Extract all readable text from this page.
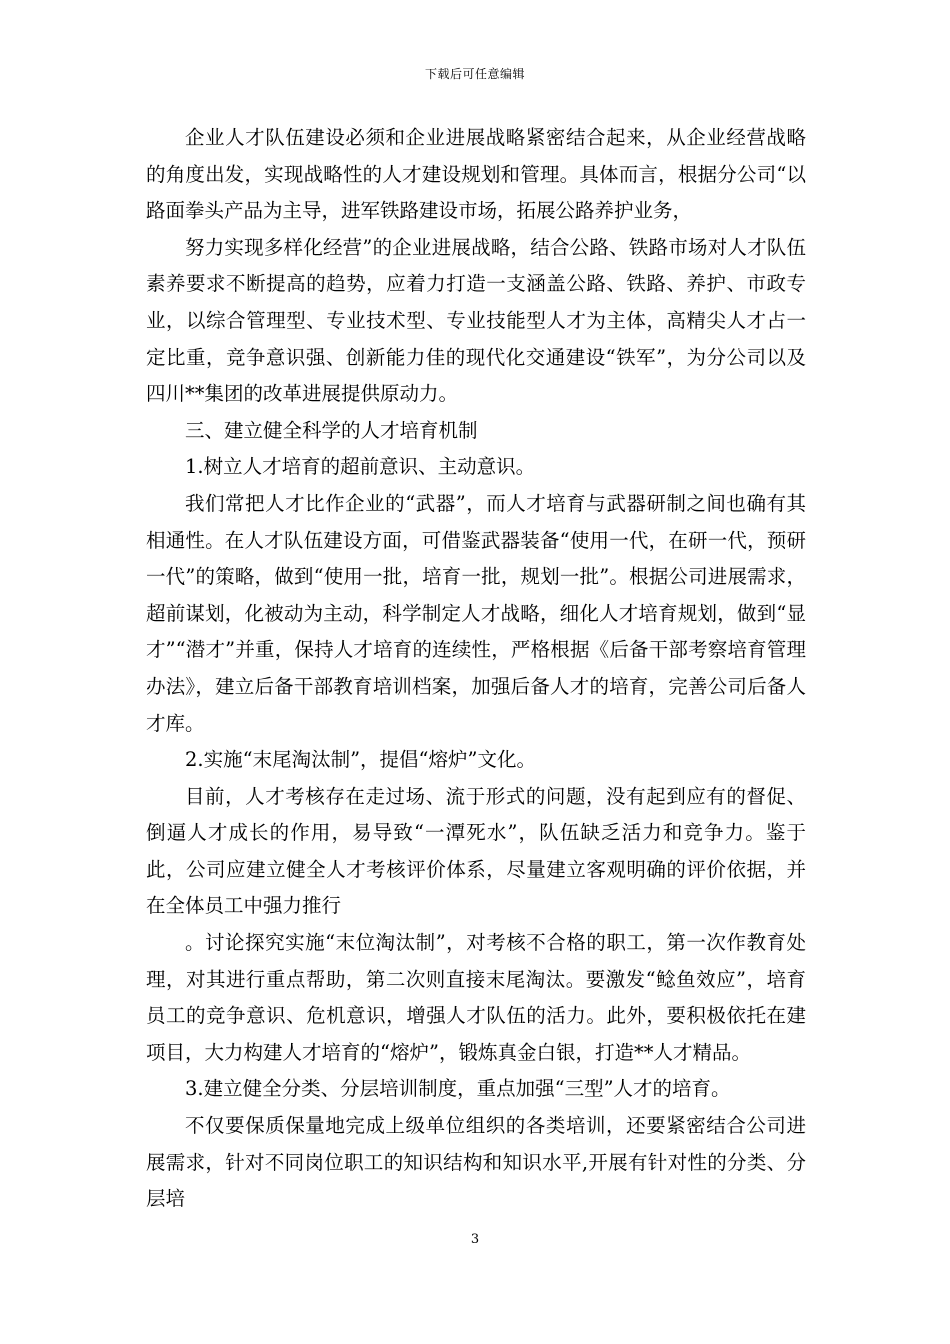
下载后可任意编辑

企业人才队伍建设必须和企业进展战略紧密结合起来，从企业经营战略的角度出发，实现战略性的人才建设规划和管理。具体而言，根据分公司“以路面拳头产品为主导，进军铁路建设市场，拓展公路养护业务，

努力实现多样化经营”的企业进展战略，结合公路、铁路市场对人才队伍素养要求不断提高的趋势，应着力打造一支涵盖公路、铁路、养护、市政专业，以综合管理型、专业技术型、专业技能型人才为主体，高精尖人才占一定比重，竞争意识强、创新能力佳的现代化交通建设“铁军”，为分公司以及四川**集团的改革进展提供原动力。

三、建立健全科学的人才培育机制

1.树立人才培育的超前意识、主动意识。

我们常把人才比作企业的“武器”，而人才培育与武器研制之间也确有其相通性。在人才队伍建设方面，可借鉴武器装备“使用一代，在研一代，预研一代”的策略，做到“使用一批，培育一批，规划一批”。根据公司进展需求，超前谋划，化被动为主动，科学制定人才战略，细化人才培育规划，做到“显才”“潜才”并重，保持人才培育的连续性，严格根据《后备干部考察培育管理办法》，建立后备干部教育培训档案，加强后备人才的培育，完善公司后备人才库。

2.实施“末尾淘汰制”，提倡“熔炉”文化。

目前，人才考核存在走过场、流于形式的问题，没有起到应有的督促、倒逼人才成长的作用，易导致“一潭死水”，队伍缺乏活力和竞争力。鉴于此，公司应建立健全人才考核评价体系，尽量建立客观明确的评价依据，并在全体员工中强力推行

。讨论探究实施“末位淘汰制”，对考核不合格的职工，第一次作教育处理，对其进行重点帮助，第二次则直接末尾淘汰。要激发“鲶鱼效应”，培育员工的竞争意识、危机意识，增强人才队伍的活力。此外，要积极依托在建项目，大力构建人才培育的“熔炉”，锻炼真金白银，打造**人才精品。

3.建立健全分类、分层培训制度，重点加强“三型”人才的培育。

不仅要保质保量地完成上级单位组织的各类培训，还要紧密结合公司进展需求，针对不同岗位职工的知识结构和知识水平,开展有针对性的分类、分层培

3
